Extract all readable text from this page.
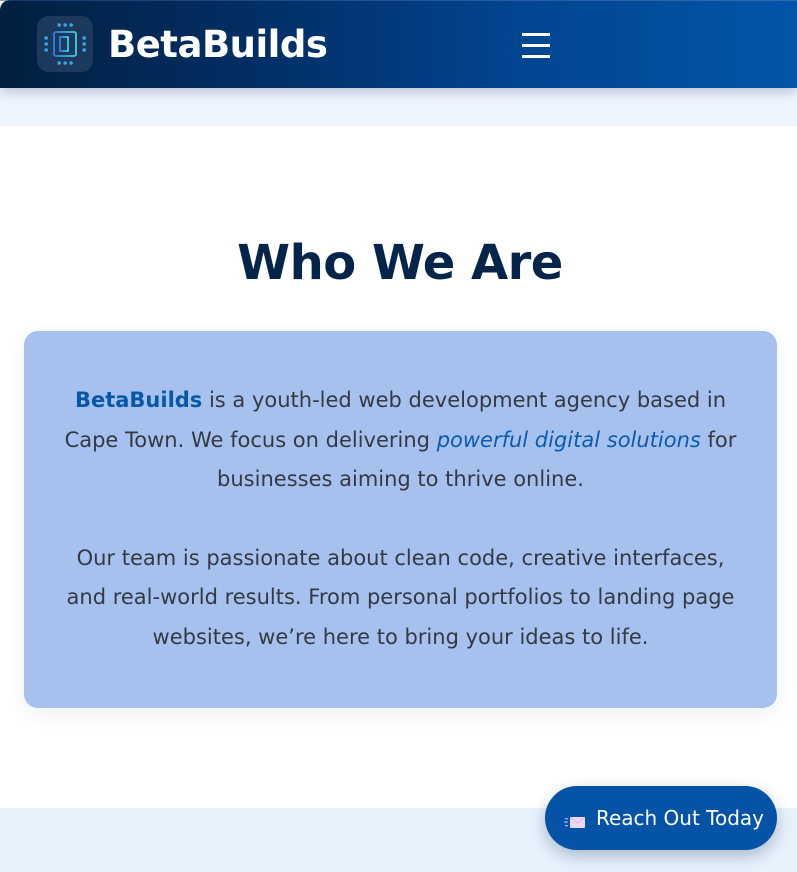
BetaBuilds
Who We Are

BetaBuilds is a youth-led web development agency based in Cape Town. We focus on delivering powerful digital solutions for businesses aiming to thrive online.

Our team is passionate about clean code, creative interfaces, and real-world results. From personal portfolios to landing page websites, we’re here to bring your ideas to life.

Reach Out Today
